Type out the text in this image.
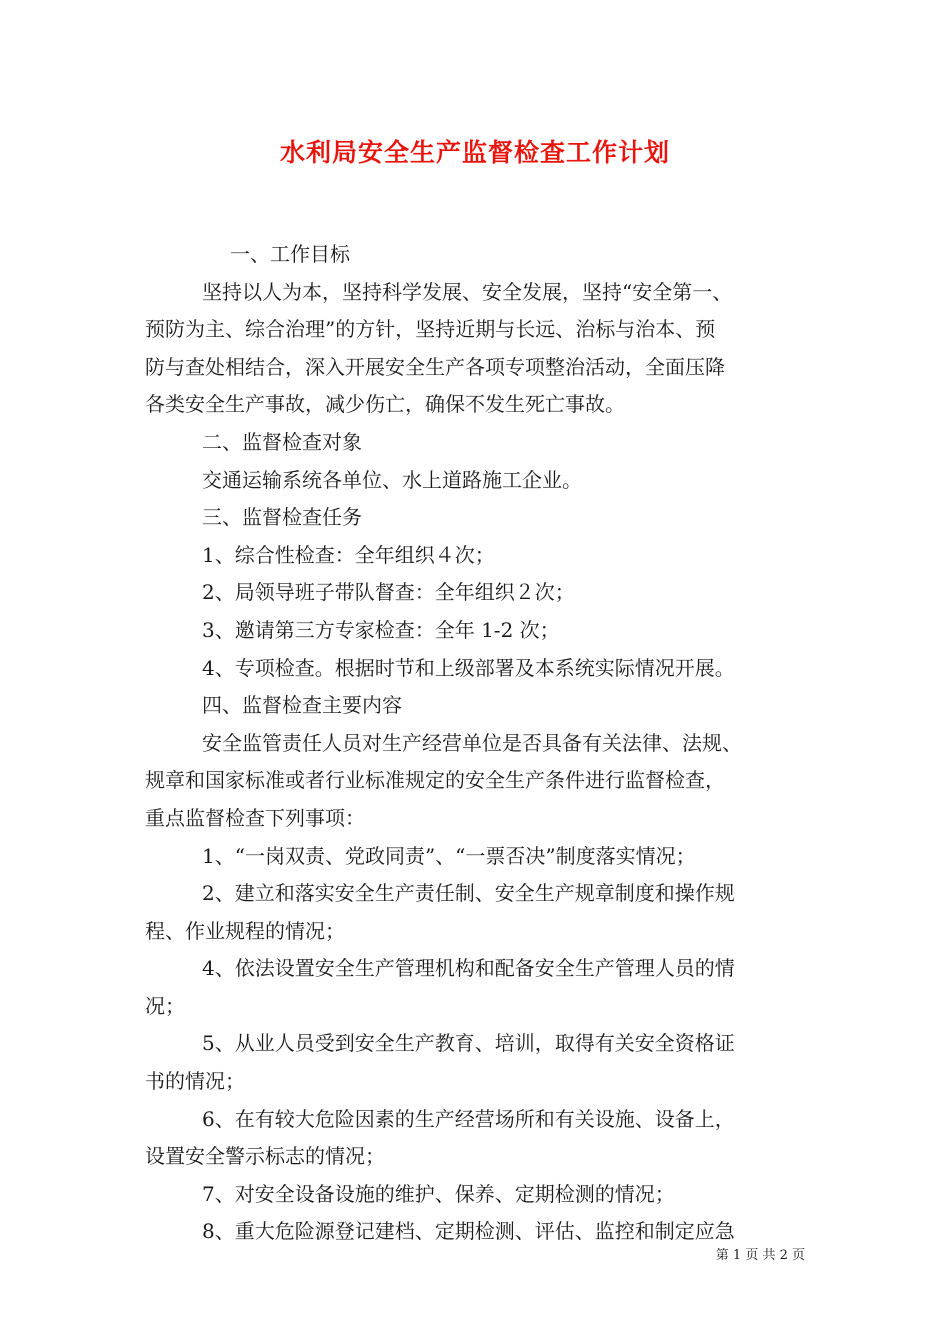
水利局安全生产监督检查工作计划
一、工作目标
坚持以人为本，坚持科学发展、安全发展，坚持“安全第一、
预防为主、综合治理”的方针，坚持近期与长远、治标与治本、预
防与查处相结合，深入开展安全生产各项专项整治活动，全面压降
各类安全生产事故，减少伤亡，确保不发生死亡事故。
二、监督检查对象
交通运输系统各单位、水上道路施工企业。
三、监督检查任务
1、综合性检查：全年组织４次；
2、局领导班子带队督查：全年组织２次；
3、邀请第三方专家检查：全年 1-2 次；
4、专项检查。根据时节和上级部署及本系统实际情况开展。
四、监督检查主要内容
安全监管责任人员对生产经营单位是否具备有关法律、法规、
规章和国家标准或者行业标准规定的安全生产条件进行监督检查，
重点监督检查下列事项：
1、“一岗双责、党政同责”、“一票否决”制度落实情况；
2、建立和落实安全生产责任制、安全生产规章制度和操作规
程、作业规程的情况；
4、依法设置安全生产管理机构和配备安全生产管理人员的情
况；
5、从业人员受到安全生产教育、培训，取得有关安全资格证
书的情况；
6、在有较大危险因素的生产经营场所和有关设施、设备上，
设置安全警示标志的情况；
7、对安全设备设施的维护、保养、定期检测的情况；
8、重大危险源登记建档、定期检测、评估、监控和制定应急
第 1 页 共 2 页
